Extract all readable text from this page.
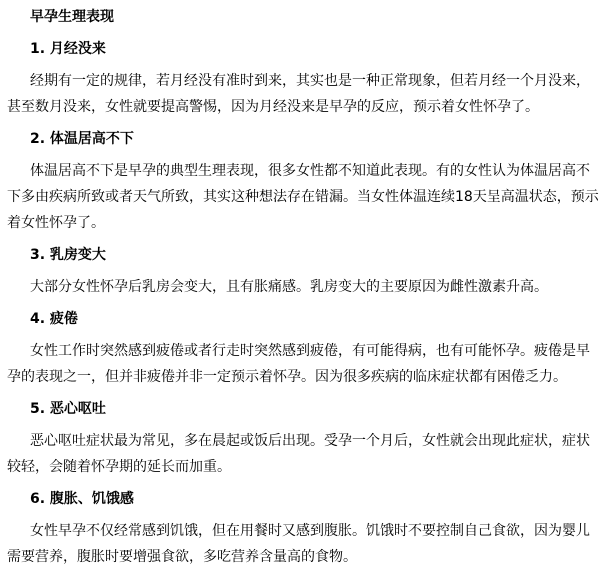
早孕生理表现
1. 月经没来
经期有一定的规律，若月经没有准时到来，其实也是一种正常现象，但若月经一个月没来，
甚至数月没来，女性就要提高警惕，因为月经没来是早孕的反应，预示着女性怀孕了。
2. 体温居高不下
体温居高不下是早孕的典型生理表现，很多女性都不知道此表现。有的女性认为体温居高不
下多由疾病所致或者天气所致，其实这种想法存在错漏。当女性体温连续18天呈高温状态，预示
着女性怀孕了。
3. 乳房变大
大部分女性怀孕后乳房会变大，且有胀痛感。乳房变大的主要原因为雌性激素升高。
4. 疲倦
女性工作时突然感到疲倦或者行走时突然感到疲倦，有可能得病，也有可能怀孕。疲倦是早
孕的表现之一，但并非疲倦并非一定预示着怀孕。因为很多疾病的临床症状都有困倦乏力。
5. 恶心呕吐
恶心呕吐症状最为常见，多在晨起或饭后出现。受孕一个月后，女性就会出现此症状，症状
较轻，会随着怀孕期的延长而加重。
6. 腹胀、饥饿感
女性早孕不仅经常感到饥饿，但在用餐时又感到腹胀。饥饿时不要控制自己食欲，因为婴儿
需要营养，腹胀时要增强食欲，多吃营养含量高的食物。
